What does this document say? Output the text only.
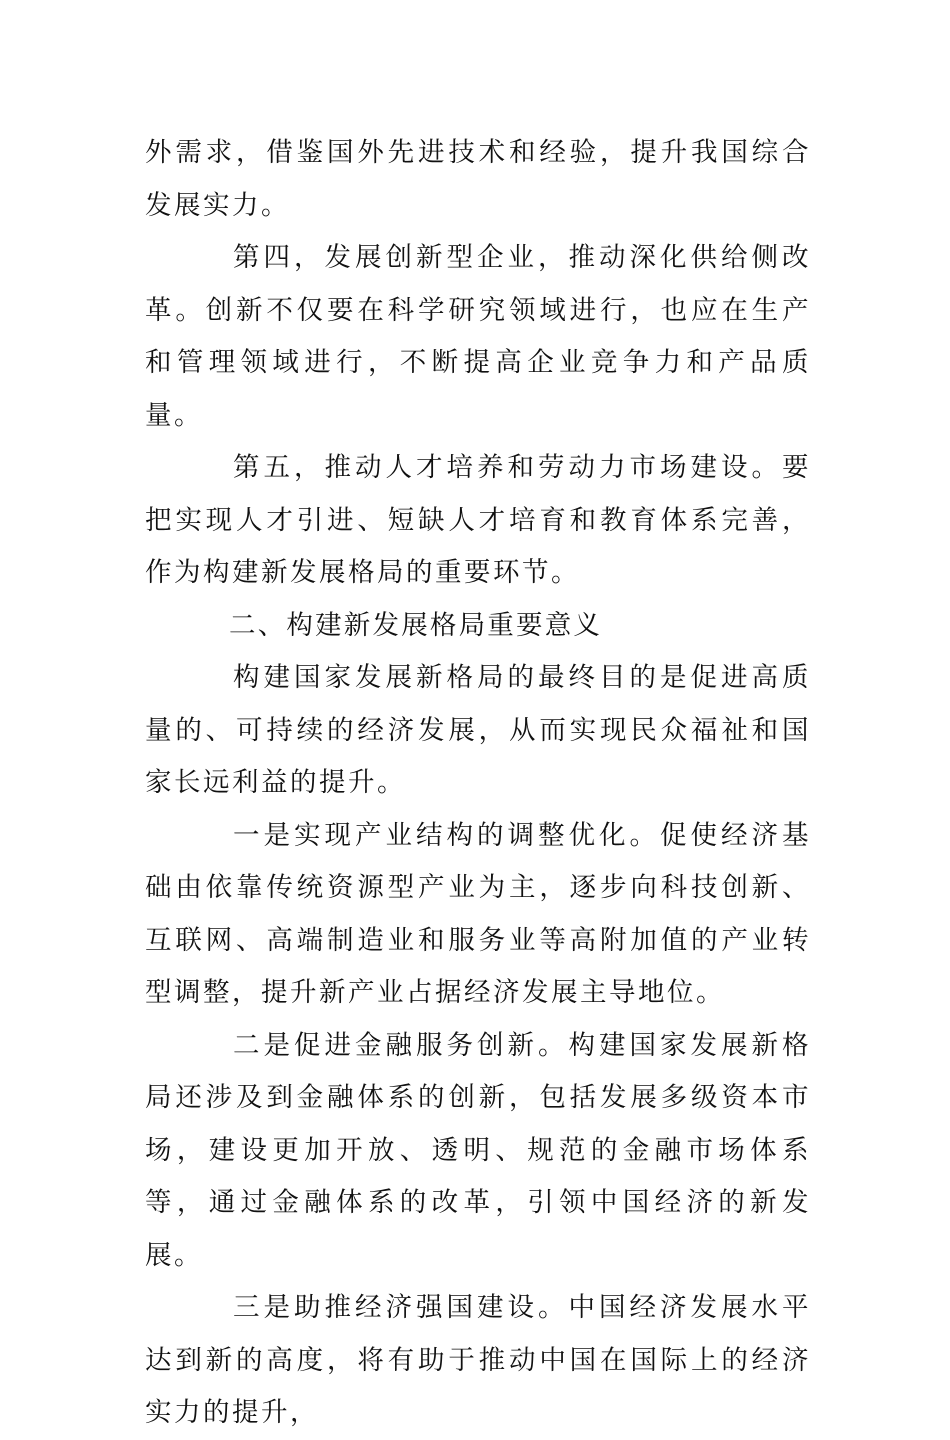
外需求，借鉴国外先进技术和经验，提升我国综合发展实力。

第四，发展创新型企业，推动深化供给侧改革。创新不仅要在科学研究领域进行，也应在生产和管理领域进行，不断提高企业竞争力和产品质量。

第五，推动人才培养和劳动力市场建设。要把实现人才引进、短缺人才培育和教育体系完善，作为构建新发展格局的重要环节。

二、构建新发展格局重要意义

构建国家发展新格局的最终目的是促进高质量的、可持续的经济发展，从而实现民众福祉和国家长远利益的提升。

一是实现产业结构的调整优化。促使经济基础由依靠传统资源型产业为主，逐步向科技创新、互联网、高端制造业和服务业等高附加值的产业转型调整，提升新产业占据经济发展主导地位。

二是促进金融服务创新。构建国家发展新格局还涉及到金融体系的创新，包括发展多级资本市场，建设更加开放、透明、规范的金融市场体系等，通过金融体系的改革，引领中国经济的新发展。

三是助推经济强国建设。中国经济发展水平达到新的高度，将有助于推动中国在国际上的经济实力的提升，
